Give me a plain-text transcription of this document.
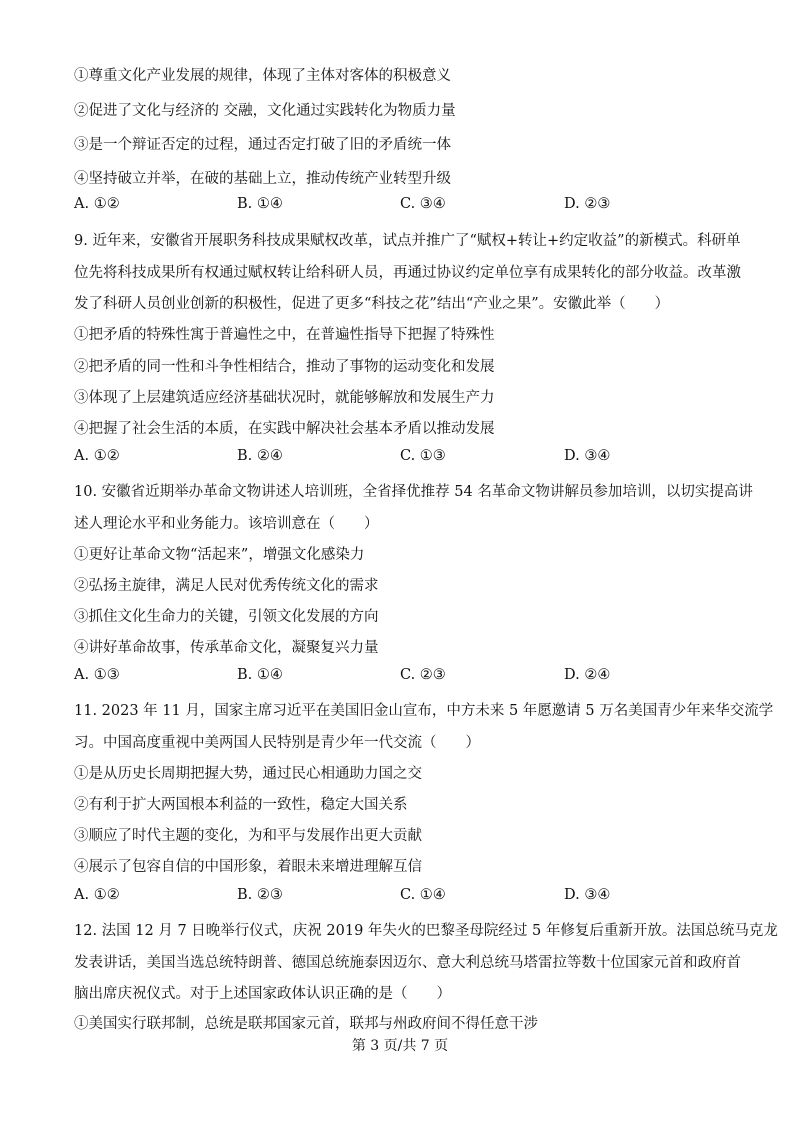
①尊重文化产业发展的规律，体现了主体对客体的积极意义
②促进了文化与经济的 交融，文化通过实践转化为物质力量
③是一个辩证否定的过程，通过否定打破了旧的矛盾统一体
④坚持破立并举，在破的基础上立，推动传统产业转型升级
A. ①②	B. ①④	C. ③④	D. ②③
9. 近年来，安徽省开展职务科技成果赋权改革，试点并推广了“赋权+转让+约定收益”的新模式。科研单
位先将科技成果所有权通过赋权转让给科研人员，再通过协议约定单位享有成果转化的部分收益。改革激
发了科研人员创业创新的积极性，促进了更多“科技之花”结出“产业之果”。安徽此举（　　）
①把矛盾的特殊性寓于普遍性之中，在普遍性指导下把握了特殊性
②把矛盾的同一性和斗争性相结合，推动了事物的运动变化和发展
③体现了上层建筑适应经济基础状况时，就能够解放和发展生产力
④把握了社会生活的本质，在实践中解决社会基本矛盾以推动发展
A. ①②	B. ②④	C. ①③	D. ③④
10. 安徽省近期举办革命文物讲述人培训班，全省择优推荐 54 名革命文物讲解员参加培训，以切实提高讲
述人理论水平和业务能力。该培训意在（　　）
①更好让革命文物“活起来”，增强文化感染力
②弘扬主旋律，满足人民对优秀传统文化的需求
③抓住文化生命力的关键，引领文化发展的方向
④讲好革命故事，传承革命文化，凝聚复兴力量
A. ①③	B. ①④	C. ②③	D. ②④
11. 2023 年 11 月，国家主席习近平在美国旧金山宣布，中方未来 5 年愿邀请 5 万名美国青少年来华交流学
习。中国高度重视中美两国人民特别是青少年一代交流（　　）
①是从历史长周期把握大势，通过民心相通助力国之交
②有利于扩大两国根本利益的一致性，稳定大国关系
③顺应了时代主题的变化，为和平与发展作出更大贡献
④展示了包容自信的中国形象，着眼未来增进理解互信
A. ①②	B. ②③	C. ①④	D. ③④
12. 法国 12 月 7 日晚举行仪式，庆祝 2019 年失火的巴黎圣母院经过 5 年修复后重新开放。法国总统马克龙
发表讲话，美国当选总统特朗普、德国总统施泰因迈尔、意大利总统马塔雷拉等数十位国家元首和政府首
脑出席庆祝仪式。对于上述国家政体认识正确的是（　　）
①美国实行联邦制，总统是联邦国家元首，联邦与州政府间不得任意干涉
第 3 页/共 7 页
